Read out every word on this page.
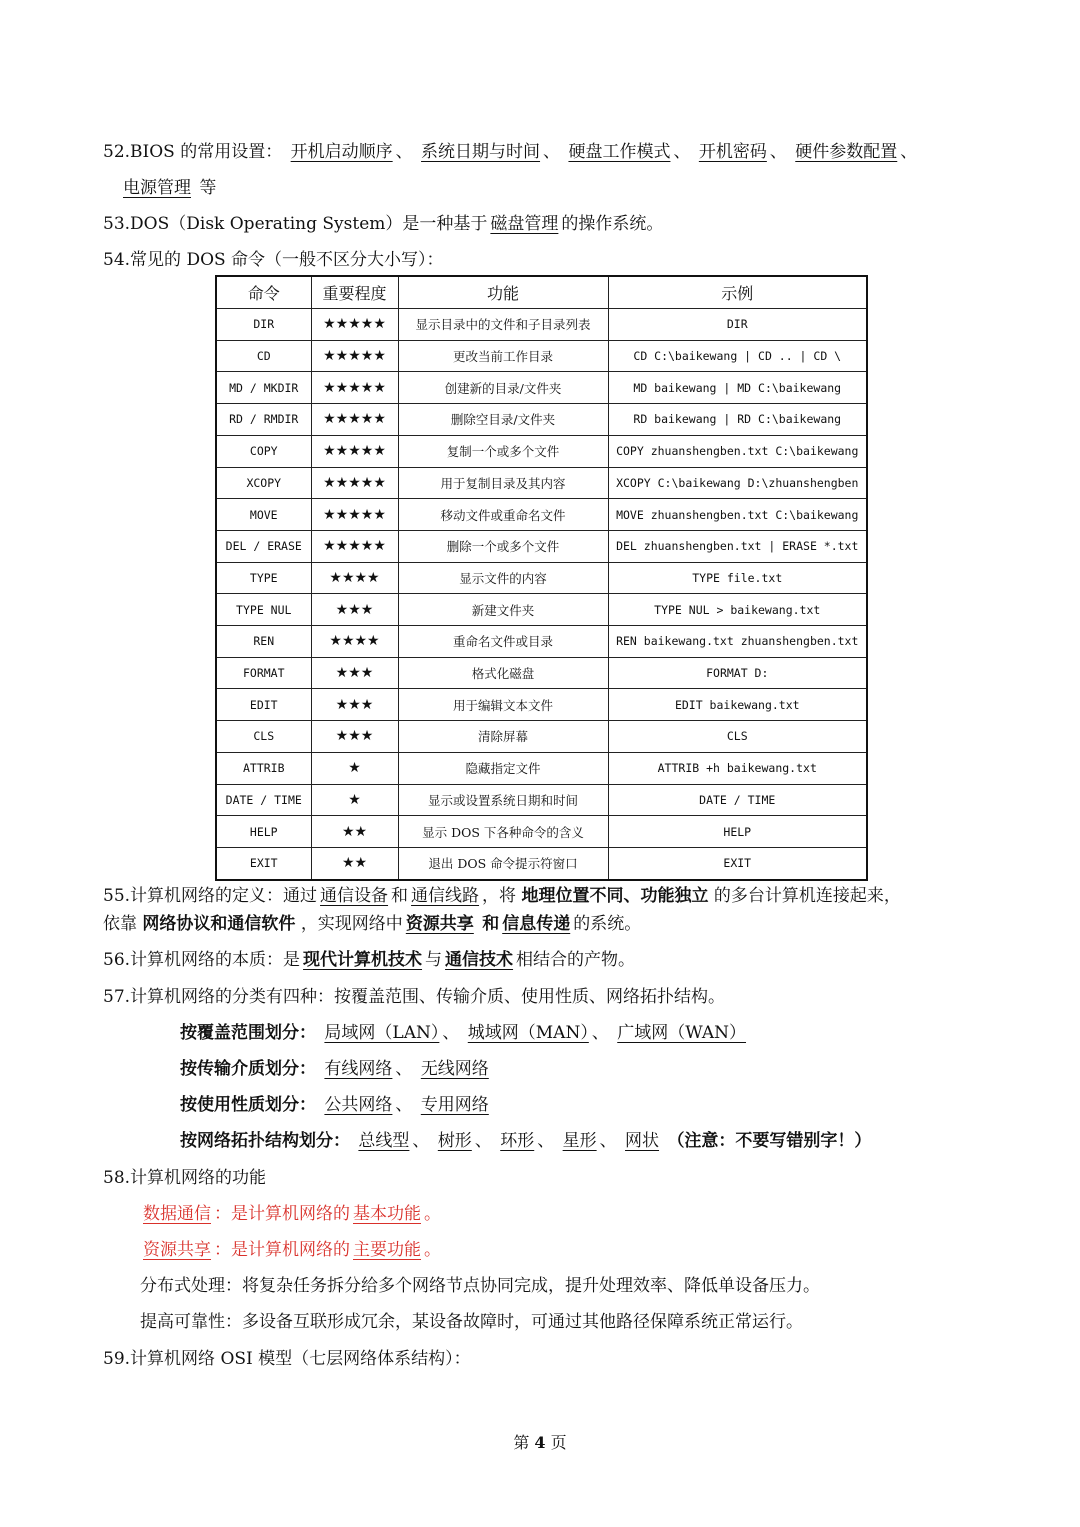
52.BIOS 的常用设置： 开机启动顺序 、 系统日期与时间 、 硬盘工作模式 、 开机密码 、 硬件参数配置 、
电源管理 等
53.DOS（Disk Operating System）是一种基于 磁盘管理 的操作系统。
54.常见的 DOS 命令（一般不区分大小写）：
命令	重要程度	功能	示例
DIR	★★★★★	显示目录中的文件和子目录列表	DIR
CD	★★★★★	更改当前工作目录	CD C:\baikewang | CD .. | CD \
MD / MKDIR	★★★★★	创建新的目录/文件夹	MD baikewang | MD C:\baikewang
RD / RMDIR	★★★★★	删除空目录/文件夹	RD baikewang | RD C:\baikewang
COPY	★★★★★	复制一个或多个文件	COPY zhuanshengben.txt C:\baikewang
XCOPY	★★★★★	用于复制目录及其内容	XCOPY C:\baikewang D:\zhuanshengben
MOVE	★★★★★	移动文件或重命名文件	MOVE zhuanshengben.txt C:\baikewang
DEL / ERASE	★★★★★	删除一个或多个文件	DEL zhuanshengben.txt | ERASE *.txt
TYPE	★★★★	显示文件的内容	TYPE file.txt
TYPE NUL	★★★	新建文件夹	TYPE NUL > baikewang.txt
REN	★★★★	重命名文件或目录	REN baikewang.txt zhuanshengben.txt
FORMAT	★★★	格式化磁盘	FORMAT D:
EDIT	★★★	用于编辑文本文件	EDIT baikewang.txt
CLS	★★★	清除屏幕	CLS
ATTRIB	★	隐藏指定文件	ATTRIB +h baikewang.txt
DATE / TIME	★	显示或设置系统日期和时间	DATE / TIME
HELP	★★	显示 DOS 下各种命令的含义	HELP
EXIT	★★	退出 DOS 命令提示符窗口	EXIT
55.计算机网络的定义：通过 通信设备 和 通信线路 ，将 地理位置不同、功能独立 的多台计算机连接起来，
依靠 网络协议和通信软件 ，实现网络中 资源共享 和 信息传递 的系统。
56.计算机网络的本质：是 现代计算机技术 与 通信技术 相结合的产物。
57.计算机网络的分类有四种：按覆盖范围、传输介质、使用性质、网络拓扑结构。
按覆盖范围划分： 局域网（LAN） 、 城域网（MAN） 、 广域网（WAN）
按传输介质划分： 有线网络 、 无线网络
按使用性质划分： 公共网络 、 专用网络
按网络拓扑结构划分： 总线型 、 树形 、 环形 、 星形 、 网状 （注意：不要写错别字！）
58.计算机网络的功能
数据通信 ：是计算机网络的 基本功能 。
资源共享 ：是计算机网络的 主要功能 。
分布式处理：将复杂任务拆分给多个网络节点协同完成，提升处理效率、降低单设备压力。
提高可靠性：多设备互联形成冗余，某设备故障时，可通过其他路径保障系统正常运行。
59.计算机网络 OSI 模型（七层网络体系结构）：
第 4 页
